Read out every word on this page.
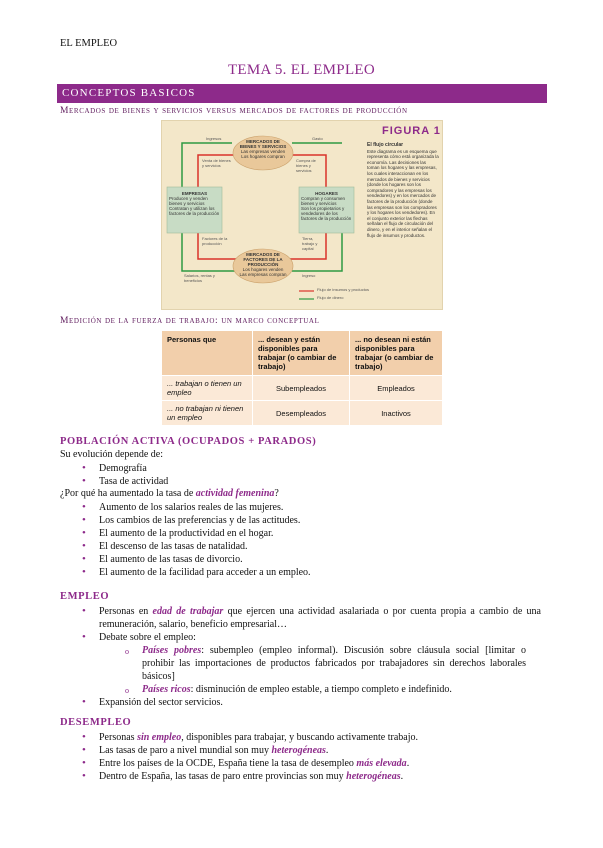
EL EMPLEO
TEMA 5. EL EMPLEO
CONCEPTOS BASICOS
Mercados de bienes y servicios versus mercados de factores de producción
FIGURA 1
El flujo circular
Este diagrama es un esquema que representa cómo está organizada la economía. Las decisiones las toman los hogares y las empresas, los cuales interaccionan en los mercados de bienes y servicios (donde los hogares son los compradores y las empresas los vendedores) y en los mercados de factores de la producción (donde las empresas son los compradores y los hogares los vendedores). En el conjunto exterior las flechas señalan el flujo de circulación del dinero, y en el interior señalan el flujo de insumos y productos.
MERCADOS DE BIENES Y SERVICIOS
Las empresas venden
Los hogares compran
MERCADOS DE FACTORES DE LA PRODUCCIÓN
Los hogares venden
Las empresas compran
EMPRESAS
Producen y venden bienes y servicios
Contratan y utilizan los factores de la producción
HOGARES
Compran y consumen bienes y servicios
Son los propietarios y vendedores de los factores de la producción
Ingresos	Gasto
Venta de bienes y servicios
Compra de bienes y servicios
Factores de la producción
Tierra, trabajo y capital
Salarios, rentas y beneficios
Ingreso
Flujo de insumos y productos
Flujo de dinero
Medición de la fuerza de trabajo: un marco conceptual
Personas que	... desean y están disponibles para trabajar (o cambiar de trabajo)	... no desean ni están disponibles para trabajar (o cambiar de trabajo)
... trabajan o tienen un empleo	Subempleados	Empleados
... no trabajan ni tienen un empleo	Desempleados	Inactivos
POBLACIÓN ACTIVA (OCUPADOS + PARADOS)
Su evolución depende de:
• Demografía
• Tasa de actividad
¿Por qué ha aumentado la tasa de actividad femenina?
• Aumento de los salarios reales de las mujeres.
• Los cambios de las preferencias y de las actitudes.
• El aumento de la productividad en el hogar.
• El descenso de las tasas de natalidad.
• El aumento de las tasas de divorcio.
• El aumento de la facilidad para acceder a un empleo.
EMPLEO
• Personas en edad de trabajar que ejercen una actividad asalariada o por cuenta propia a cambio de una remuneración, salario, beneficio empresarial…
• Debate sobre el empleo:
o Países pobres: subempleo (empleo informal). Discusión sobre cláusula social [limitar o prohibir las importaciones de productos fabricados por trabajadores sin derechos laborales básicos]
o Países ricos: disminución de empleo estable, a tiempo completo e indefinido.
• Expansión del sector servicios.
DESEMPLEO
• Personas sin empleo, disponibles para trabajar, y buscando activamente trabajo.
• Las tasas de paro a nivel mundial son muy heterogéneas.
• Entre los países de la OCDE, España tiene la tasa de desempleo más elevada.
• Dentro de España, las tasas de paro entre provincias son muy heterogéneas.
